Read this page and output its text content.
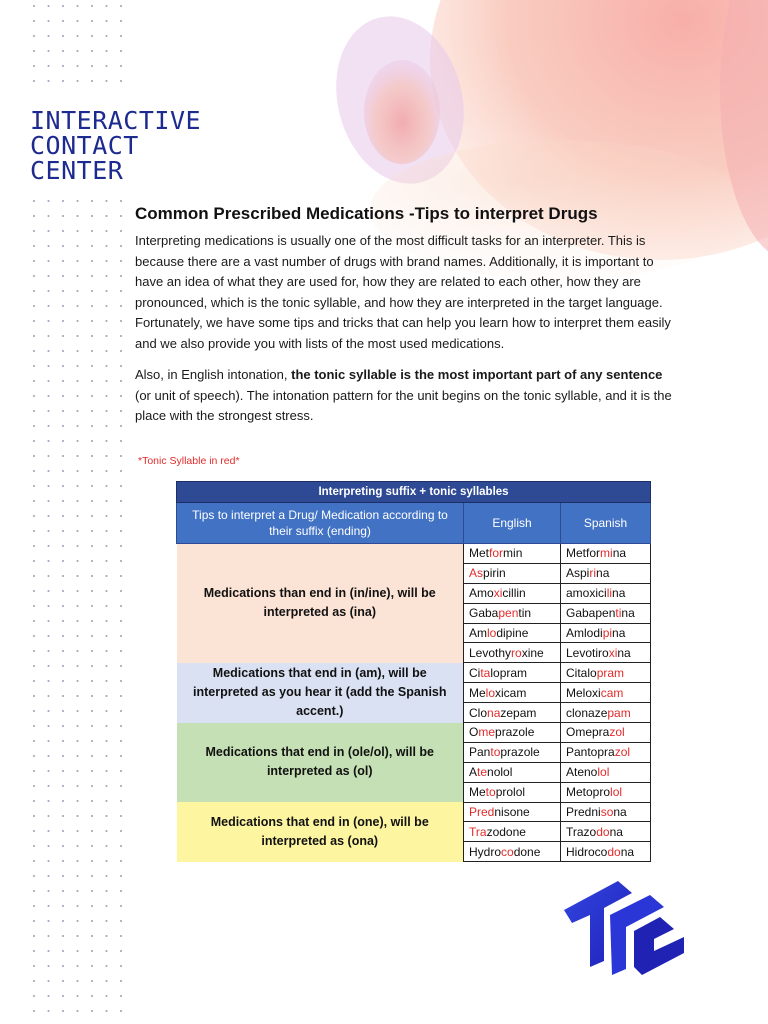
INTERACTIVE
CONTACT
CENTER
Common Prescribed Medications -Tips to interpret Drugs

Interpreting medications is usually one of the most difficult tasks for an interpreter. This is because there are a vast number of drugs with brand names. Additionally, it is important to have an idea of what they are used for, how they are related to each other, how they are pronounced, which is the tonic syllable, and how they are interpreted in the target language. Fortunately, we have some tips and tricks that can help you learn how to interpret them easily and we also provide you with lists of the most used medications.

Also, in English intonation, the tonic syllable is the most important part of any sentence (or unit of speech). The intonation pattern for the unit begins on the tonic syllable, and it is the place with the strongest stress.

*Tonic Syllable in red*
Interpreting suffix + tonic syllables		
Tips to interpret a Drug/ Medication according to their suffix (ending)	English	Spanish
Medications than end in (in/ine), will be interpreted as (ina)	Metformin	Metformina
	Aspirin	Aspirina
	Amoxicillin	amoxicilina
	Gabapentin	Gabapentina
	Amlodipine	Amlodipina
	Levothyroxine	Levotiroxina
Medications that end in (am), will be interpreted as you hear it (add the Spanish accent.)	Citalopram	Citalopram
	Meloxicam	Meloxicam
	Clonazepam	clonazepam
Medications that end in (ole/ol), will be interpreted as (ol)	Omeprazole	Omeprazol
	Pantoprazole	Pantoprazol
	Atenolol	Atenolol
	Metoprolol	Metoprolol
Medications that end in (one), will be interpreted as (ona)	Prednisone	Prednisona
	Trazodone	Trazodona
	Hydrocodone	Hidrocodona
